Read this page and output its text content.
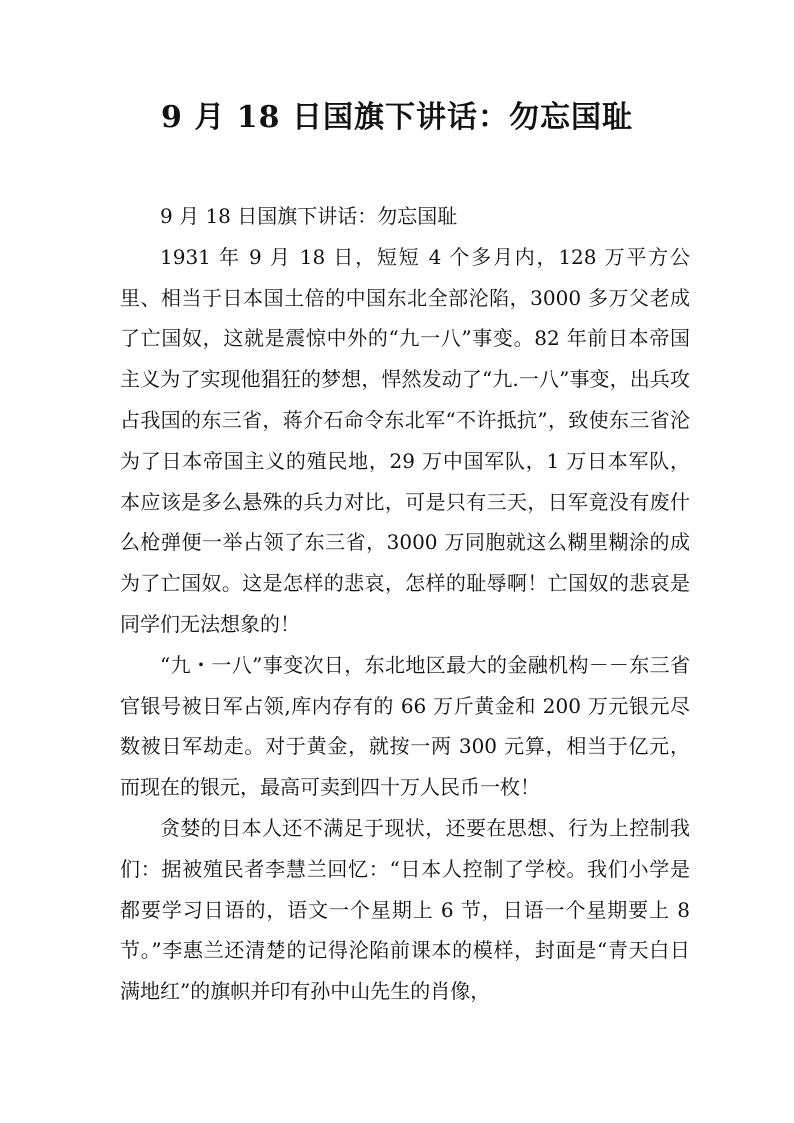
9 月 18 日国旗下讲话：勿忘国耻

9 月 18 日国旗下讲话：勿忘国耻

1931 年 9 月 18 日，短短 4 个多月内，128 万平方公里、相当于日本国土倍的中国东北全部沦陷，3000 多万父老成了亡国奴，这就是震惊中外的“九一八”事变。82 年前日本帝国主义为了实现他猖狂的梦想，悍然发动了“九.一八”事变，出兵攻占我国的东三省，蒋介石命令东北军“不许抵抗”，致使东三省沦为了日本帝国主义的殖民地，29 万中国军队，1 万日本军队，本应该是多么悬殊的兵力对比，可是只有三天，日军竟没有废什么枪弹便一举占领了东三省，3000 万同胞就这么糊里糊涂的成为了亡国奴。这是怎样的悲哀，怎样的耻辱啊！亡国奴的悲哀是同学们无法想象的！

“九・一八”事变次日，东北地区最大的金融机构－－东三省官银号被日军占领,库内存有的 66 万斤黄金和 200 万元银元尽数被日军劫走。对于黄金，就按一两 300 元算，相当于亿元，而现在的银元，最高可卖到四十万人民币一枚！

贪婪的日本人还不满足于现状，还要在思想、行为上控制我们：据被殖民者李慧兰回忆：“日本人控制了学校。我们小学是都要学习日语的，语文一个星期上 6 节，日语一个星期要上 8 节。”李惠兰还清楚的记得沦陷前课本的模样，封面是“青天白日满地红”的旗帜并印有孙中山先生的肖像，
